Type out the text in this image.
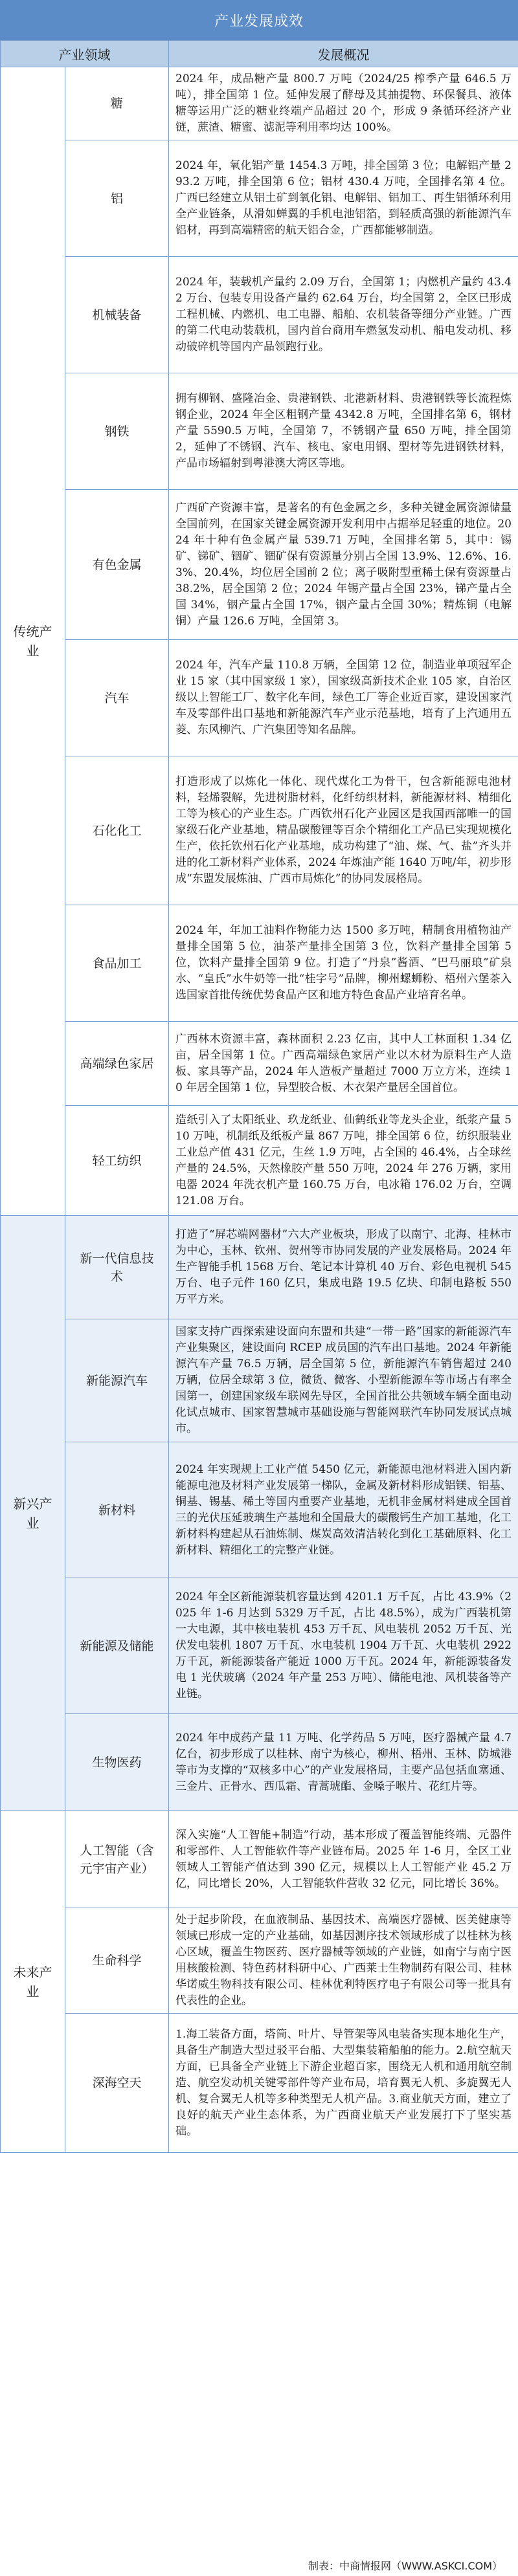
产业发展成效
产业领域		发展概况
传统产业	糖	2024 年，成品糖产量 800.7 万吨（2024/25 榨季产量 646.5 万吨），排全国第 1 位。延伸发展了酵母及其抽提物、环保餐具、液体糖等运用广泛的糖业终端产品超过 20 个，形成 9 条循环经济产业链，蔗渣、糖蜜、滤泥等利用率均达 100%。
	铝	2024 年，氧化铝产量 1454.3 万吨，排全国第 3 位；电解铝产量 293.2 万吨，排全国第 6 位；铝材 430.4 万吨，全国排名第 4 位。广西已经建立从铝土矿到氧化铝、电解铝、铝加工、再生铝循环利用全产业链条，从滑如蝉翼的手机电池铝箔，到轻质高强的新能源汽车铝材，再到高端精密的航天铝合金，广西都能够制造。
	机械装备	2024 年，装载机产量约 2.09 万台，全国第 1；内燃机产量约 43.42 万台、包装专用设备产量约 62.64 万台，均全国第 2，全区已形成工程机械、内燃机、电工电器、船舶、农机装备等细分产业链。广西的第二代电动装载机，国内首台商用车燃氢发动机、船电发动机、移动破碎机等国内产品领跑行业。
	钢铁	拥有柳钢、盛隆冶金、贵港钢铁、北港新材料、贵港钢铁等长流程炼钢企业，2024 年全区粗钢产量 4342.8 万吨，全国排名第 6，钢材产量 5590.5 万吨，全国第 7，不锈钢产量 650 万吨，排全国第 2，延伸了不锈钢、汽车、核电、家电用钢、型材等先进钢铁材料，产品市场辐射到粤港澳大湾区等地。
	有色金属	广西矿产资源丰富，是著名的有色金属之乡，多种关键金属资源储量全国前列，在国家关键金属资源开发利用中占据举足轻重的地位。2024 年十种有色金属产量 539.71 万吨，全国排名第 5，其中：锡矿、锑矿、铟矿、锢矿保有资源量分别占全国 13.9%、12.6%、16.3%、20.4%，均位居全国前 2 位；离子吸附型重稀土保有资源量占 38.2%，居全国第 2 位；2024 年锡产量占全国 23%，锑产量占全国 34%，铟产量占全国 17%，铟产量占全国 30%；精炼铜（电解铜）产量 126.6 万吨，全国第 3。
	汽车	2024 年，汽车产量 110.8 万辆，全国第 12 位，制造业单项冠军企业 15 家（其中国家级 1 家），国家级高新技术企业 105 家，自治区级以上智能工厂、数字化车间，绿色工厂等企业近百家，建设国家汽车及零部件出口基地和新能源汽车产业示范基地，培育了上汽通用五菱、东风柳汽、广汽集团等知名品牌。
	石化化工	打造形成了以炼化一体化、现代煤化工为骨干，包含新能源电池材料，轻烯裂解，先进树脂材料，化纤纺织材料，新能源材料、精细化工等为核心的产业生态。广西钦州石化产业园区是我国西部唯一的国家级石化产业基地，精品碳酸锂等百余个精细化工产品已实现规模化生产，依托钦州石化产业基地，成功构建了“油、煤、气、盐”齐头并进的化工新材料产业体系，2024 年炼油产能 1640 万吨/年，初步形成“东盟发展炼油、广西市局炼化”的协同发展格局。
	食品加工	2024 年，年加工油料作物能力达 1500 多万吨，精制食用植物油产量排全国第 5 位，油茶产量排全国第 3 位，饮料产量排全国第 5 位，饮料产量排全国第 9 位。打造了“丹泉”酱酒、“巴马丽琅”矿泉水、“皇氏”水牛奶等一批“桂字号”品牌，柳州螺蛳粉、梧州六堡茶入选国家首批传统优势食品产区和地方特色食品产业培育名单。
	高端绿色家居	广西林木资源丰富，森林面积 2.23 亿亩，其中人工林面积 1.34 亿亩，居全国第 1 位。广西高端绿色家居产业以木材为原料生产人造板、家具等产品，2024 年人造板产量超过 7000 万立方米，连续 10 年居全国第 1 位，异型胶合板、木衣架产量居全国首位。
	轻工纺织	造纸引入了太阳纸业、玖龙纸业、仙鹤纸业等龙头企业，纸浆产量 510 万吨，机制纸及纸板产量 867 万吨，排全国第 6 位，纺织服装业工业总产值 431 亿元，生丝 1.9 万吨，占全国的 46.4%，占全球丝产量的 24.5%，天然橡胶产量 550 万吨，2024 年 276 万辆，家用电器 2024 年洗衣机产量 160.75 万台，电冰箱 176.02 万台，空调 121.08 万台。
新兴产业	新一代信息技术	打造了“屏芯端网器材”六大产业板块，形成了以南宁、北海、桂林市为中心，玉林、钦州、贺州等市协同发展的产业发展格局。2024 年生产智能手机 1568 万台、笔记本计算机 40 万台、彩色电视机 545 万台、电子元件 160 亿只，集成电路 19.5 亿块、印制电路板 550 万平方米。
	新能源汽车	国家支持广西探索建设面向东盟和共建“一带一路”国家的新能源汽车产业集聚区，建设面向 RCEP 成员国的汽车出口基地。2024 年新能源汽车产量 76.5 万辆，居全国第 5 位，新能源汽车销售超过 240 万辆，位居全球第 3 位，微货、微客、小型新能源车等市场占有率全国第一，创建国家级车联网先导区，全国首批公共领域车辆全面电动化试点城市、国家智慧城市基础设施与智能网联汽车协同发展试点城市。
	新材料	2024 年实现规上工业产值 5450 亿元，新能源电池材料进入国内新能源电池及材料产业发展第一梯队，金属及新材料形成铝镁、铝基、铜基、锡基、稀土等国内重要产业基地，无机非金属材料建成全国首三的光伏压延玻璃生产基地和全国最大的碳酸钙生产加工基地，化工新材料构建起从石油炼制、煤炭高效清洁转化到化工基础原料、化工新材料、精细化工的完整产业链。
	新能源及储能	2024 年全区新能源装机容量达到 4201.1 万千瓦，占比 43.9%（2025 年 1-6 月达到 5329 万千瓦，占比 48.5%），成为广西装机第一大电源，其中核电装机 453 万千瓦、风电装机 2052 万千瓦、光伏发电装机 1807 万千瓦、水电装机 1904 万千瓦、火电装机 2922 万千瓦，新能源装备产能近 1000 万千瓦。2024 年，新能源装备发电 1 光伏玻璃（2024 年产量 253 万吨）、储能电池、风机装备等产业链。
	生物医药	2024 年中成药产量 11 万吨、化学药品 5 万吨，医疗器械产量 4.7 亿台，初步形成了以桂林、南宁为核心，柳州、梧州、玉林、防城港等市为支撑的“双核多中心”的产业发展格局，主要产品包括血塞通、三金片、正骨水、西瓜霜、青蒿琥酯、金嗓子喉片、花红片等。
未来产业	人工智能（含元宇宙产业）	深入实施“人工智能+制造”行动，基本形成了覆盖智能终端、元器件和零部件、人工智能软件等产业链布局。2025 年 1-6 月，全区工业领域人工智能产值达到 390 亿元，规模以上人工智能产业 45.2 万亿，同比增长 20%，人工智能软件营收 32 亿元，同比增长 36%。
	生命科学	处于起步阶段，在血液制品、基因技术、高端医疗器械、医美健康等领域已形成一定的产业基础，如基因测序技术领域形成了以桂林为核心区域，覆盖生物医药、医疗器械等领域的产业链，如南宁与南宁医用核酸检测、特色药材科研中心、广西莱士生物制药有限公司、桂林华诺威生物科技有限公司、桂林优利特医疗电子有限公司等一批具有代表性的企业。
	深海空天	1.海工装备方面，塔筒、叶片、导管架等风电装备实现本地化生产，具备生产制造大型过驳平台船、大型集装箱船舶的能力。2.航空航天方面，已具备全产业链上下游企业超百家，围绕无人机和通用航空制造、航空发动机关键零部件等产业布局，培育翼无人机、多旋翼无人机、复合翼无人机等多种类型无人机产品。3.商业航天方面，建立了良好的航天产业生态体系，为广西商业航天产业发展打下了坚实基础。
制表：中商情报网（WWW.ASKCI.COM）
